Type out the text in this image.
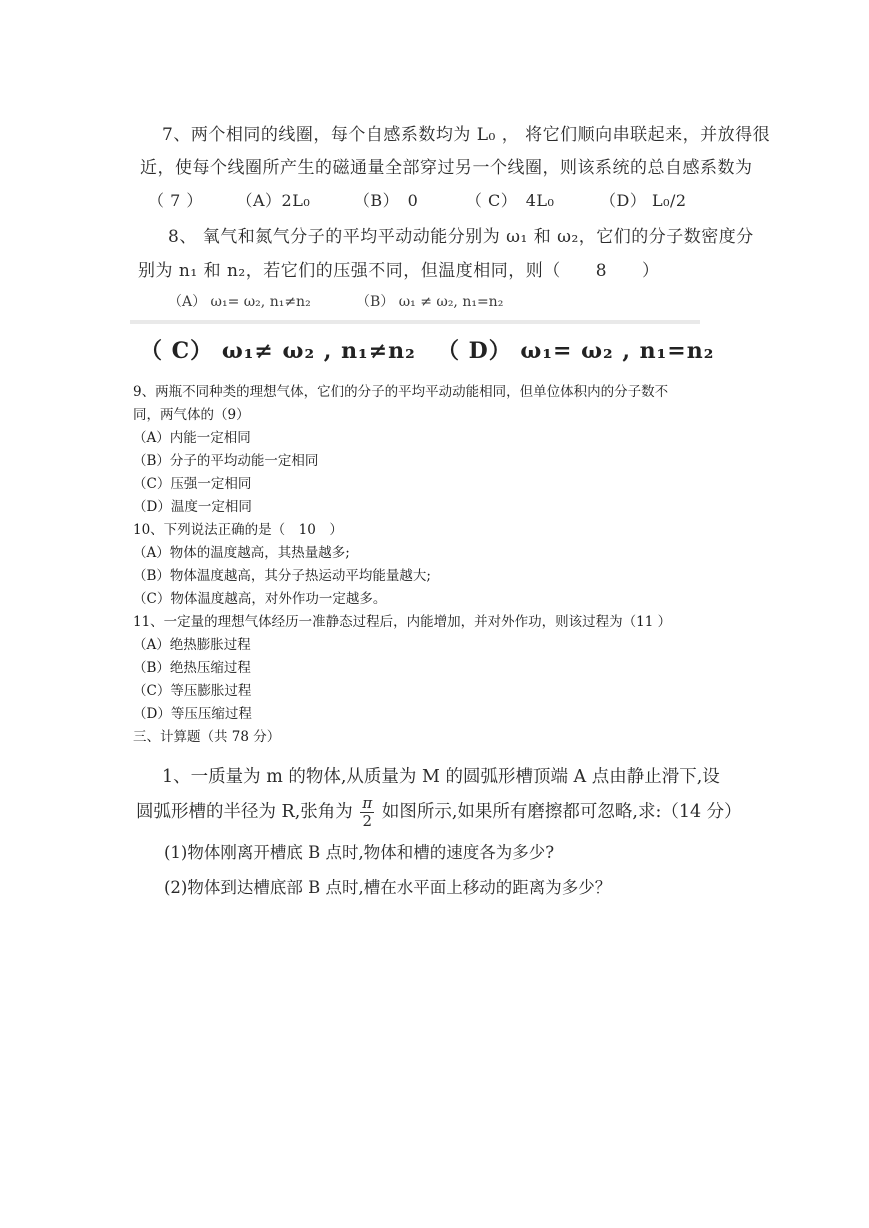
7、两个相同的线圈，每个自感系数均为 L₀ ， 将它们顺向串联起来，并放得很
近，使每个线圈所产生的磁通量全部穿过另一个线圈，则该系统的总自感系数为
（ 7 ） （A）2L₀	（B）　0	（ C）　4L₀	（D） L₀/2
8、 氧气和氮气分子的平均平动动能分别为 ω₁ 和 ω₂，它们的分子数密度分
别为 n₁ 和 n₂，若它们的压强不同，但温度相同，则（　　8　　）
（A） ω₁= ω₂, n₁≠n₂	（B） ω₁ ≠ ω₂, n₁=n₂
（ C） ω₁≠ ω₂ , n₁≠n₂ （ D） ω₁= ω₂ , n₁=n₂
9、两瓶不同种类的理想气体，它们的分子的平均平动动能相同，但单位体积内的分子数不
同，两气体的（9）
（A）内能一定相同
（B）分子的平均动能一定相同
（C）压强一定相同
（D）温度一定相同
10、下列说法正确的是（　10　）
（A）物体的温度越高，其热量越多;
（B）物体温度越高，其分子热运动平均能量越大;
（C）物体温度越高，对外作功一定越多。
11、一定量的理想气体经历一准静态过程后，内能增加，并对外作功，则该过程为（11 ）
（A）绝热膨胀过程
（B）绝热压缩过程
（C）等压膨胀过程
（D）等压压缩过程
三、计算题（共 78 分）
1、一质量为 m 的物体,从质量为 M 的圆弧形槽顶端 A 点由静止滑下,设
圆弧形槽的半径为 R,张角为 $\frac{\pi}{2}$ 如图所示,如果所有磨擦都可忽略,求:（14 分）
(1)物体刚离开槽底 B 点时,物体和槽的速度各为多少?
(2)物体到达槽底部 B 点时,槽在水平面上移动的距离为多少？
